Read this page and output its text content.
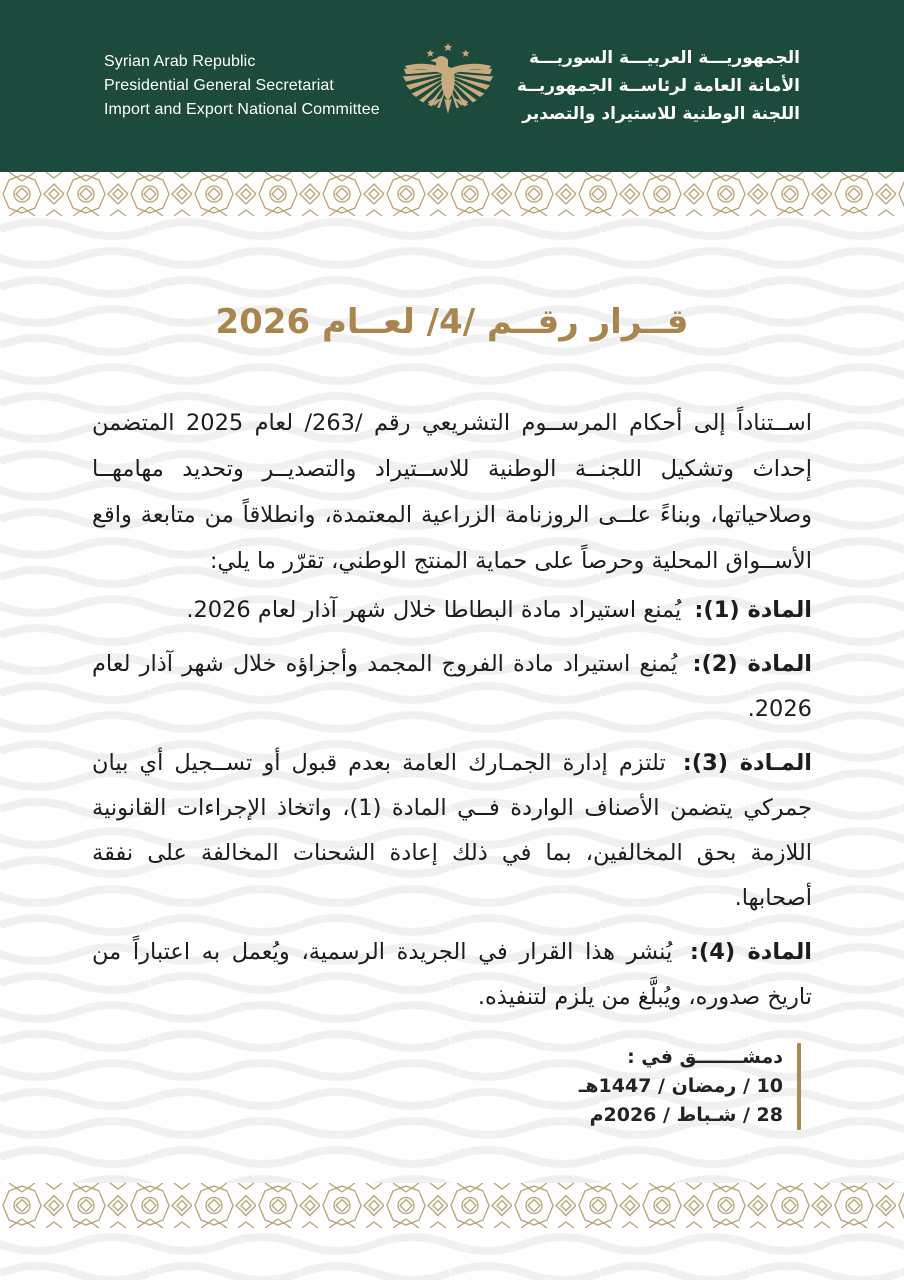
Syrian Arab Republic
Presidential General Secretariat
Import and Export National Committee
الجمهوريـــة العربيـــة السوريـــة
الأمانة العامة لرئاســة الجمهوريــة
اللجنة الوطنية للاستيراد والتصدير
قــرار رقــم /4/ لعــام 2026

اســتناداً إلى أحكام المرســوم التشريعي رقم /263/ لعام 2025 المتضمن إحداث وتشكيل اللجنــة الوطنية للاســتيراد والتصديــر وتحديد مهامهــا وصلاحياتها، وبناءً علــى الروزنامة الزراعية المعتمدة، وانطلاقاً من متابعة واقع الأســواق المحلية وحرصاً على حماية المنتج الوطني، تقرّر ما يلي:

المادة (1): يُمنع استيراد مادة البطاطا خلال شهر آذار لعام 2026.

المادة (2): يُمنع استيراد مادة الفروج المجمد وأجزاؤه خلال شهر آذار لعام 2026.

المـادة (3): تلتزم إدارة الجمـارك العامة بعدم قبول أو تســجيل أي بيان جمركي يتضمن الأصناف الواردة فــي المادة (1)، واتخاذ الإجراءات القانونية اللازمة بحق المخالفين، بما في ذلك إعادة الشحنات المخالفة على نفقة أصحابها.

المادة (4): يُنشر هذا القرار في الجريدة الرسمية، ويُعمل به اعتباراً من تاريخ صدوره، ويُبلَّغ من يلزم لتنفيذه.

دمشـــــــق في :
10 / رمضان / 1447هـ
28 / شـباط / 2026م
